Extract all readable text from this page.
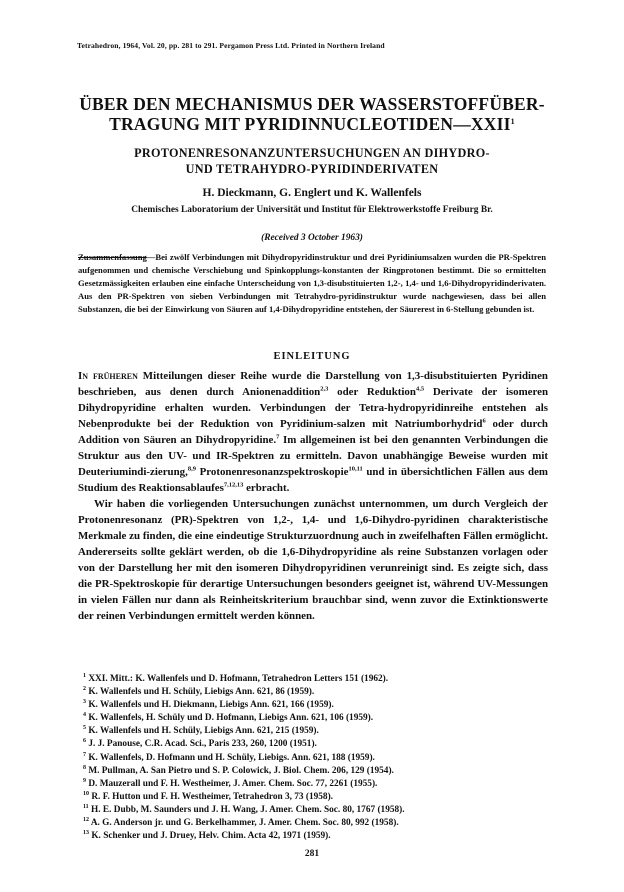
Tetrahedron, 1964, Vol. 20, pp. 281 to 291. Pergamon Press Ltd. Printed in Northern Ireland
ÜBER DEN MECHANISMUS DER WASSERSTOFFÜBER-
TRAGUNG MIT PYRIDINNUCLEOTIDEN—XXII$^1$
PROTONENRESONANZUNTERSUCHUNGEN AN DIHYDRO-
UND TETRAHYDRO-PYRIDINDERIVATEN
H. Dieckmann, G. Englert und K. Wallenfels
Chemisches Laboratorium der Universität und Institut für Elektrowerkstoffe Freiburg Br.
(Received 3 October 1963)
Zusammenfassung—Bei zwölf Verbindungen mit Dihydropyridinstruktur und drei Pyridiniumsalzen wurden die PR-Spektren aufgenommen und chemische Verschiebung und Spinkopplungs-konstanten der Ringprotonen bestimmt. Die so ermittelten Gesetzmässigkeiten erlauben eine einfache Unterscheidung von 1,3-disubstituierten 1,2-, 1,4- und 1,6-Dihydropyridinderivaten. Aus den PR-Spektren von sieben Verbindungen mit Tetrahydro-pyridinstruktur wurde nachgewiesen, dass bei allen Substanzen, die bei der Einwirkung von Säuren auf 1,4-Dihydropyridine entstehen, der Säurerest in 6-Stellung gebunden ist.
EINLEITUNG

In früheren Mitteilungen dieser Reihe wurde die Darstellung von 1,3-disubstituierten Pyridinen beschrieben, aus denen durch Anionenaddition$^{2,3}$ oder Reduktion$^{4,5}$ Derivate der isomeren Dihydropyridine erhalten wurden. Verbindungen der Tetra-hydropyridinreihe entstehen als Nebenprodukte bei der Reduktion von Pyridinium-salzen mit Natriumborhydrid$^6$ oder durch Addition von Säuren an Dihydropyridine.$^7$ Im allgemeinen ist bei den genannten Verbindungen die Struktur aus den UV- und IR-Spektren zu ermitteln. Davon unabhängige Beweise wurden mit Deuteriumindi-zierung,$^{8,9}$ Protonenresonanzspektroskopie$^{10,11}$ und in übersichtlichen Fällen aus dem Studium des Reaktionsablaufes$^{7,12,13}$ erbracht.

Wir haben die vorliegenden Untersuchungen zunächst unternommen, um durch Vergleich der Protonenresonanz (PR)-Spektren von 1,2-, 1,4- und 1,6-Dihydro-pyridinen charakteristische Merkmale zu finden, die eine eindeutige Strukturzuordnung auch in zweifelhaften Fällen ermöglicht. Andererseits sollte geklärt werden, ob die 1,6-Dihydropyridine als reine Substanzen vorlagen oder von der Darstellung her mit den isomeren Dihydropyridinen verunreinigt sind. Es zeigte sich, dass die PR-Spektroskopie für derartige Untersuchungen besonders geeignet ist, während UV-Messungen in vielen Fällen nur dann als Reinheitskriterium brauchbar sind, wenn zuvor die Extinktionswerte der reinen Verbindungen ermittelt werden können.

$^1$ XXI. Mitt.: K. Wallenfels und D. Hofmann, Tetrahedron Letters 151 (1962).
$^2$ K. Wallenfels und H. Schüly, Liebigs Ann. 621, 86 (1959).
$^3$ K. Wallenfels und H. Diekmann, Liebigs Ann. 621, 166 (1959).
$^4$ K. Wallenfels, H. Schüly und D. Hofmann, Liebigs Ann. 621, 106 (1959).
$^5$ K. Wallenfels und H. Schüly, Liebigs Ann. 621, 215 (1959).
$^6$ J. J. Panouse, C.R. Acad. Sci., Paris 233, 260, 1200 (1951).
$^7$ K. Wallenfels, D. Hofmann und H. Schüly, Liebigs. Ann. 621, 188 (1959).
$^8$ M. Pullman, A. San Pietro und S. P. Colowick, J. Biol. Chem. 206, 129 (1954).
$^9$ D. Mauzerall und F. H. Westheimer, J. Amer. Chem. Soc. 77, 2261 (1955).
$^{10}$ R. F. Hutton und F. H. Westheimer, Tetrahedron 3, 73 (1958).
$^{11}$ H. E. Dubb, M. Saunders und J. H. Wang, J. Amer. Chem. Soc. 80, 1767 (1958).
$^{12}$ A. G. Anderson jr. und G. Berkelhammer, J. Amer. Chem. Soc. 80, 992 (1958).
$^{13}$ K. Schenker und J. Druey, Helv. Chim. Acta 42, 1971 (1959).
281
